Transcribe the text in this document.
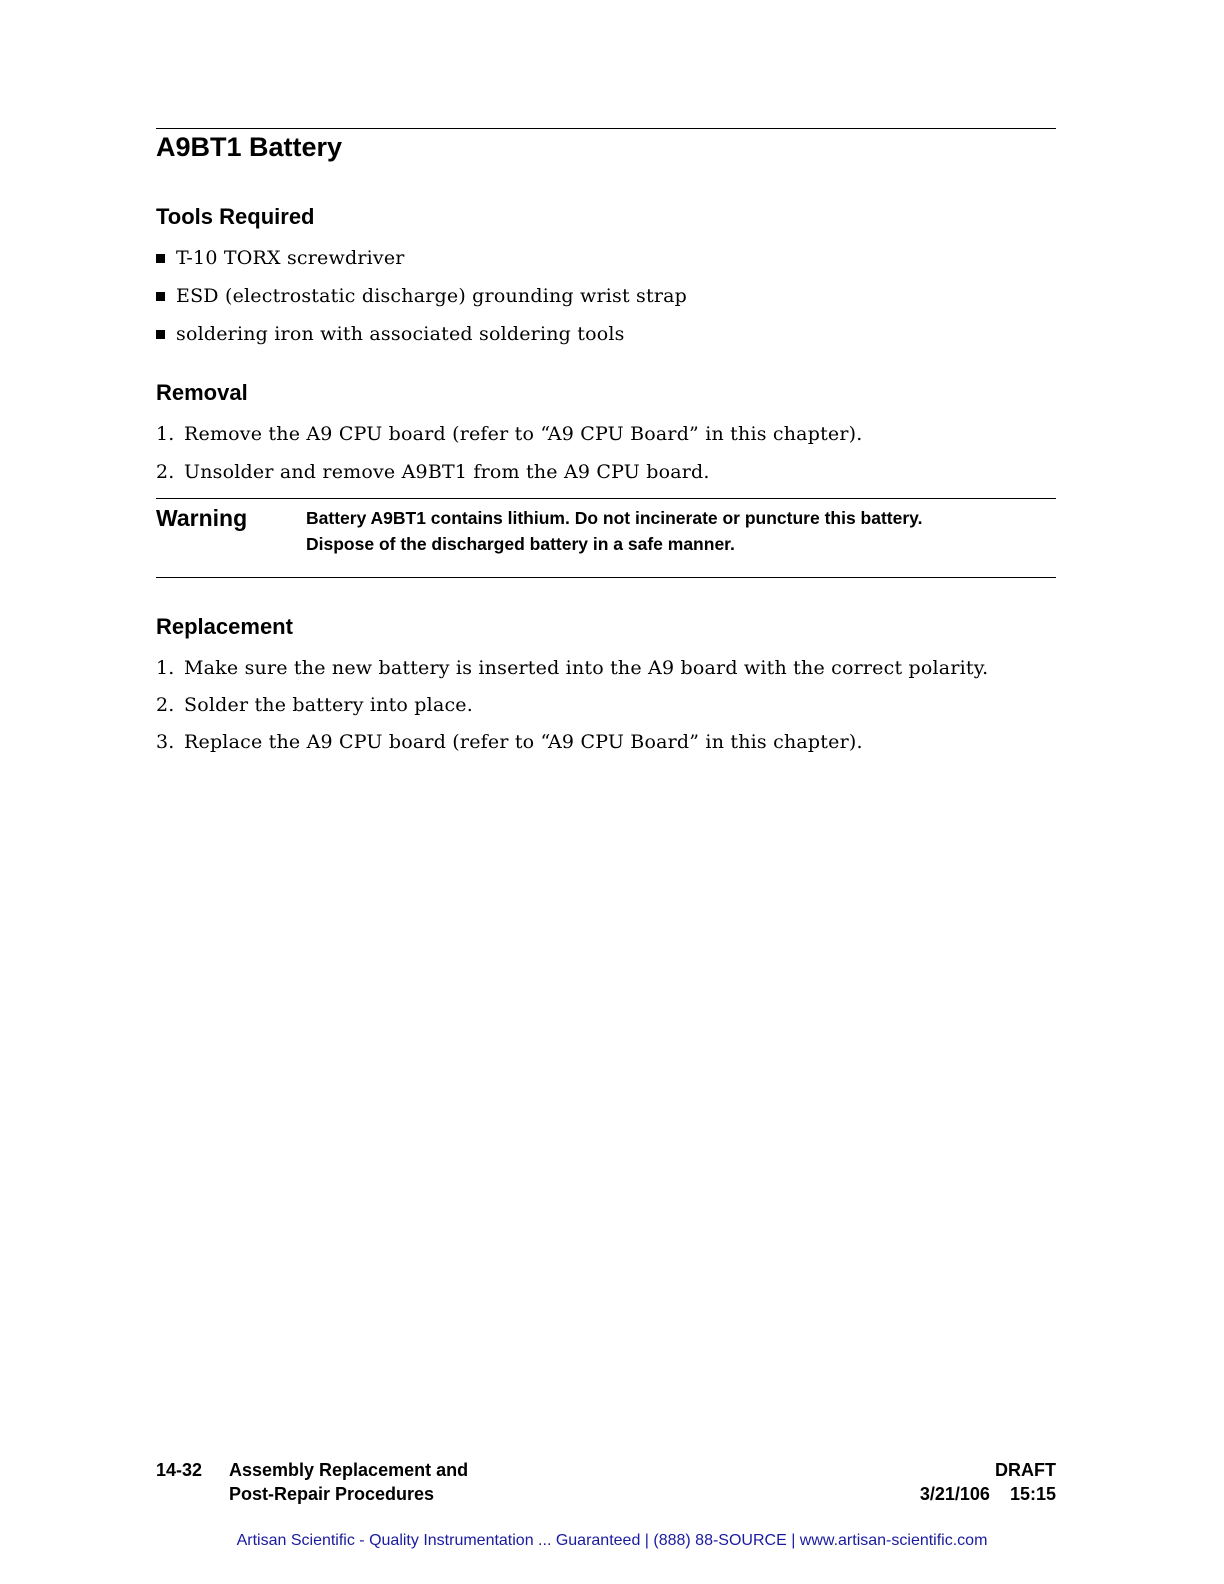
A9BT1 Battery
Tools Required
T-10 TORX screwdriver
ESD (electrostatic discharge) grounding wrist strap
soldering iron with associated soldering tools
Removal
1. Remove the A9 CPU board (refer to “A9 CPU Board” in this chapter).
2. Unsolder and remove A9BT1 from the A9 CPU board.
Warning	Battery A9BT1 contains lithium. Do not incinerate or puncture this battery.
Dispose of the discharged battery in a safe manner.
Replacement
1. Make sure the new battery is inserted into the A9 board with the correct polarity.
2. Solder the battery into place.
3. Replace the A9 CPU board (refer to “A9 CPU Board” in this chapter).
14-32 Assembly Replacement and
Post-Repair Procedures
DRAFT
3/21/106 15:15
Artisan Scientific - Quality Instrumentation ... Guaranteed | (888) 88-SOURCE | www.artisan-scientific.com
